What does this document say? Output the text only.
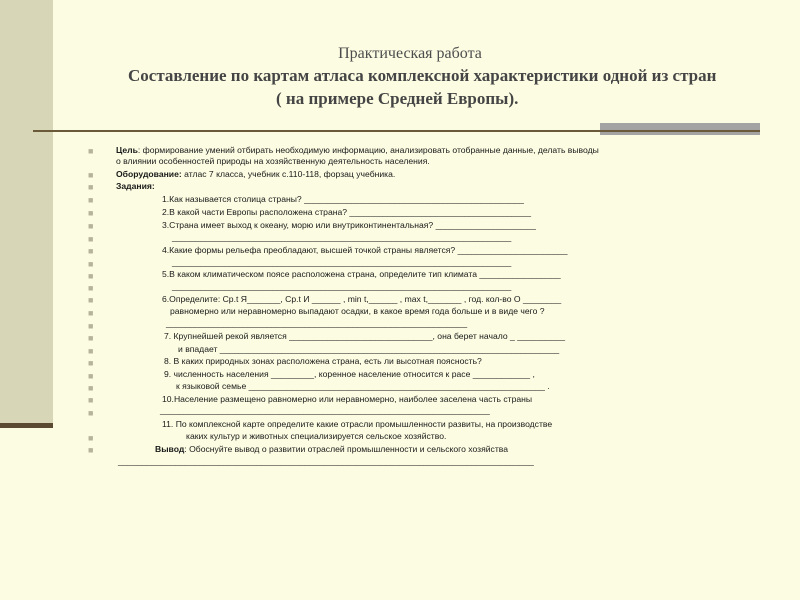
Практическая работа
Составление по картам атласа комплексной характеристики одной из стран
( на примере Средней Европы).
■
■
■
■
■
■
■
■
■
■
■
■
■
■
■
■
■
■
■
■
■
■
■
Цель: формирование умений отбирать необходимую информацию, анализировать отобранные данные, делать выводы
о влиянии особенностей природы на хозяйственную деятельность населения.
Оборудование: атлас 7 класса, учебник с.110-118, форзац учебника.
Задания:
1.Как называется столица страны? ______________________________________________
2.В какой части Европы расположена страна? ______________________________________
3.Страна имеет выход к океану, морю или внутриконтинентальная? _____________________
_______________________________________________________________________
4.Какие формы рельефа преобладают, высшей точкой страны является? _______________________
_______________________________________________________________________
5.В каком климатическом поясе расположена страна, определите тип климата _________________
_______________________________________________________________________
6.Определите: Ср.t Я_______, Ср.t И ______ , min t,______ , max t,_______ , год. кол-во О ________
равномерно или неравномерно выпадают осадки, в какое время года больше и в виде чего ?
_______________________________________________________________
7. Крупнейшей рекой является ______________________________, она берет начало _ __________
и впадает _______________________________________________________________________
8. В каких природных зонах расположена страна, есть ли высотная поясность?
9. численность населения _________, коренное население относится к расе ____________ ,
к языковой семье ______________________________________________________________ .
10.Население размещено равномерно или неравномерно, наиболее заселена часть страны
_____________________________________________________________________
11. По комплексной карте определите какие отрасли промышленности развиты, на производстве
каких культур и животных специализируется сельское хозяйство.
Вывод: Обоснуйте вывод о развитии отраслей промышленности и сельского хозяйства
_______________________________________________________________________________________
